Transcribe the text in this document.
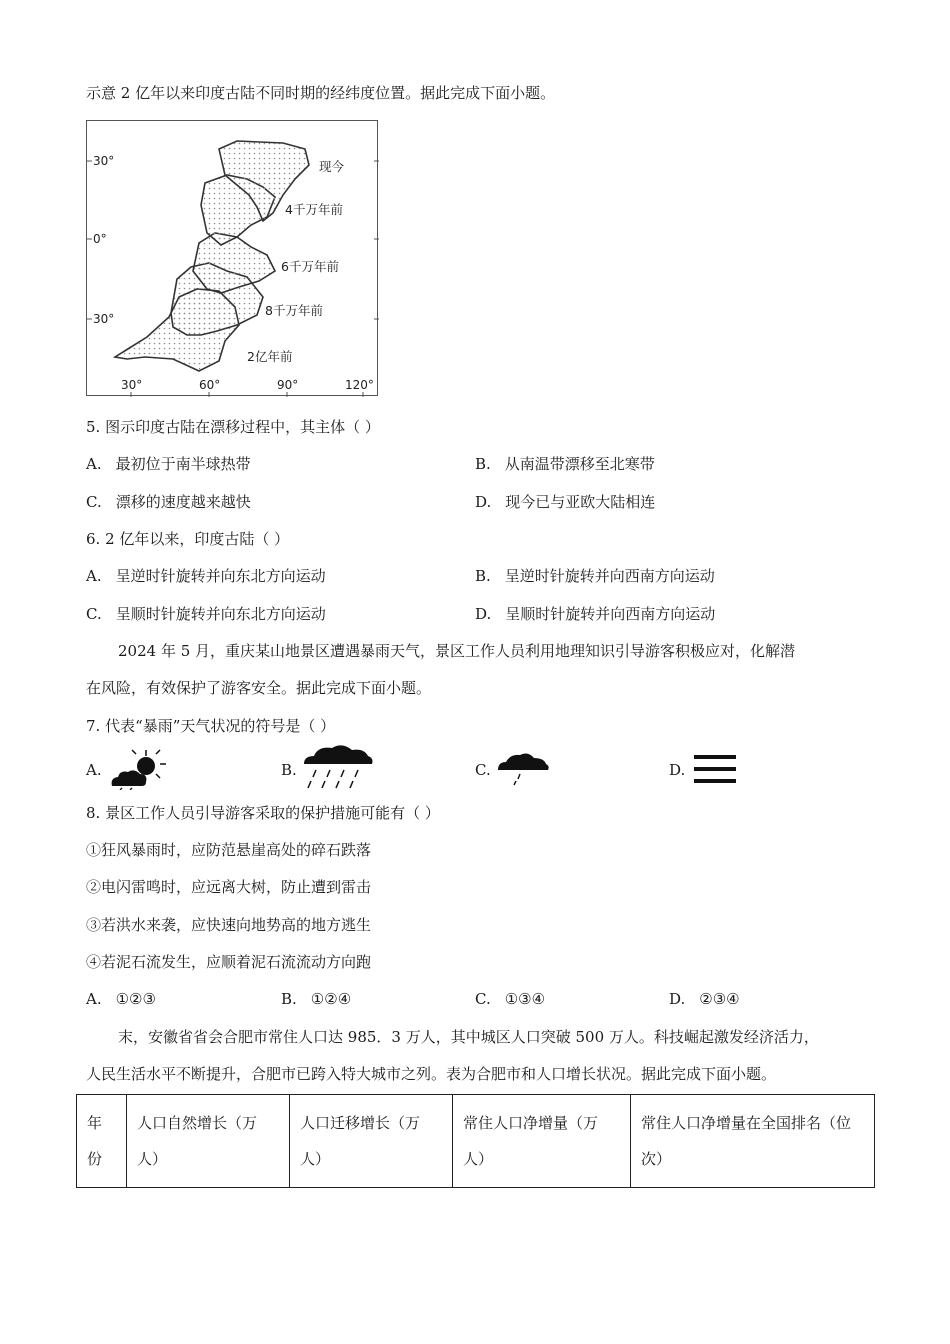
示意 2 亿年以来印度古陆不同时期的经纬度位置。据此完成下面小题。
30°
0°
30°
30°	60°	90°	120°
现今
4千万年前
6千万年前
8千万年前
2亿年前
5. 图示印度古陆在漂移过程中，其主体（ ）
A. 最初位于南半球热带	B. 从南温带漂移至北寒带
C. 漂移的速度越来越快	D. 现今已与亚欧大陆相连
6. 2 亿年以来，印度古陆（ ）
A. 呈逆时针旋转并向东北方向运动	B. 呈逆时针旋转并向西南方向运动
C. 呈顺时针旋转并向东北方向运动	D. 呈顺时针旋转并向西南方向运动
2024 年 5 月，重庆某山地景区遭遇暴雨天气，景区工作人员利用地理知识引导游客积极应对，化解潜
在风险，有效保护了游客安全。据此完成下面小题。
7. 代表“暴雨”天气状况的符号是（ ）
A.	B.	C.	D.
8. 景区工作人员引导游客采取的保护措施可能有（ ）
①狂风暴雨时，应防范悬崖高处的碎石跌落
②电闪雷鸣时，应远离大树，防止遭到雷击
③若洪水来袭，应快速向地势高的地方逃生
④若泥石流发生，应顺着泥石流流动方向跑
A. ①②③	B. ①②④	C. ①③④	D. ②③④
末，安徽省省会合肥市常住人口达 985．3 万人，其中城区人口突破 500 万人。科技崛起激发经济活力，
人民生活水平不断提升，合肥市已跨入特大城市之列。表为合肥市和人口增长状况。据此完成下面小题。
年份	人口自然增长（万人）	人口迁移增长（万人）	常住人口净增量（万人）	常住人口净增量在全国排名（位次）
